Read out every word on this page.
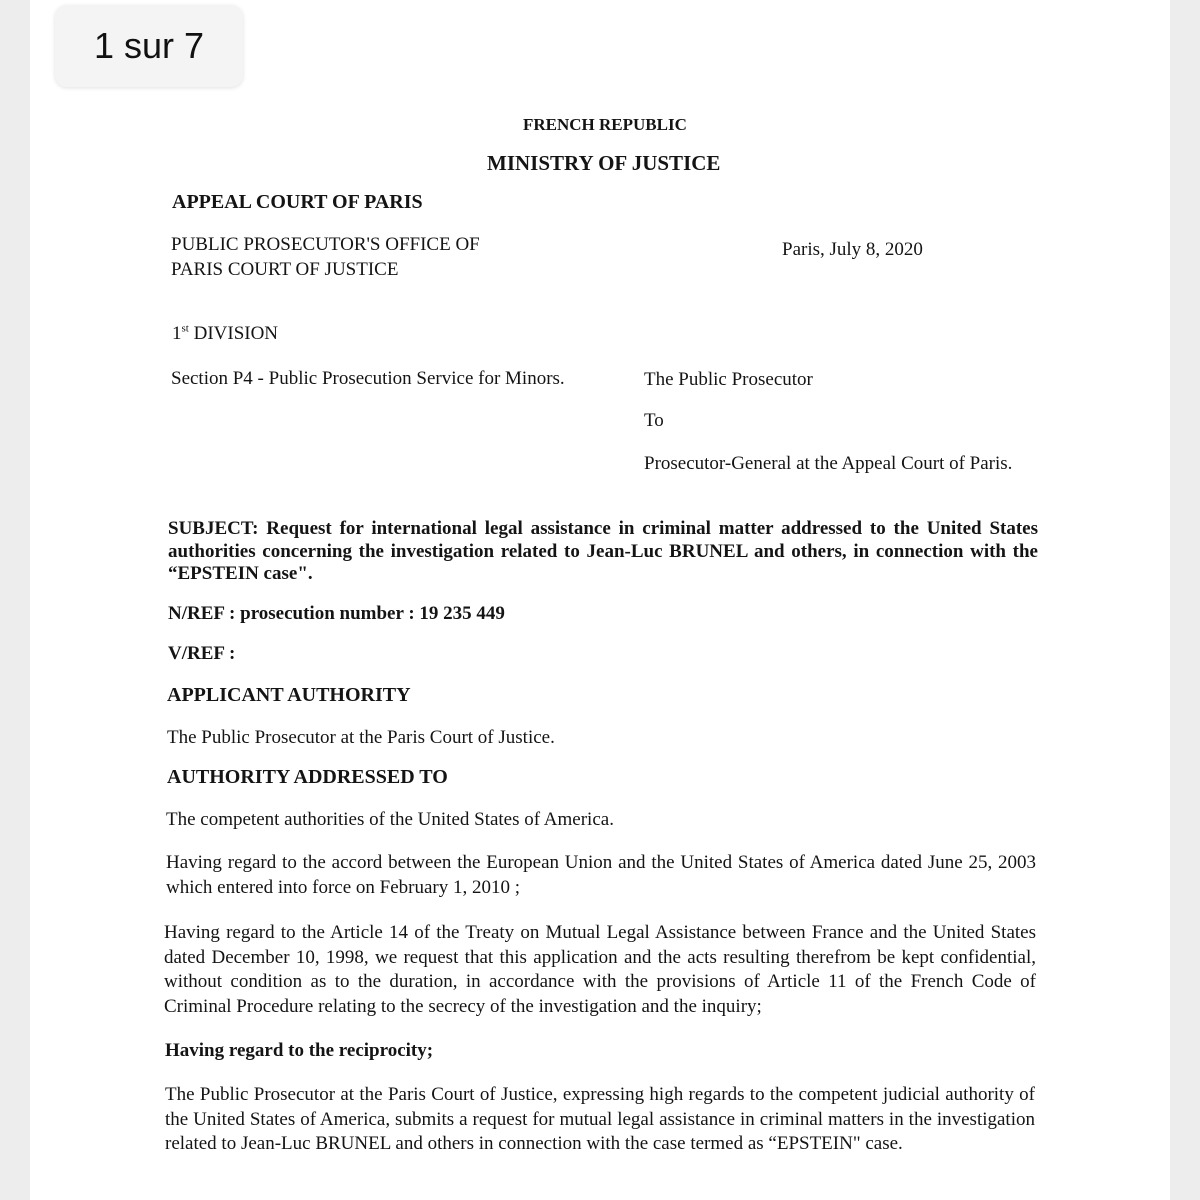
FRENCH REPUBLIC
MINISTRY OF JUSTICE
APPEAL COURT OF PARIS
PUBLIC PROSECUTOR'S OFFICE OF
PARIS COURT OF JUSTICE
Paris, July 8, 2020
1st DIVISION
Section P4 - Public Prosecution Service for Minors.	The Public Prosecutor
To
Prosecutor-General at the Appeal Court of Paris.
SUBJECT: Request for international legal assistance in criminal matter addressed to the United States authorities concerning the investigation related to Jean-Luc BRUNEL and others, in connection with the “EPSTEIN case".
N/REF : prosecution number : 19 235 449
V/REF :
APPLICANT AUTHORITY
The Public Prosecutor at the Paris Court of Justice.
AUTHORITY ADDRESSED TO
The competent authorities of the United States of America.
Having regard to the accord between the European Union and the United States of America dated June 25, 2003 which entered into force on February 1, 2010 ;
Having regard to the Article 14 of the Treaty on Mutual Legal Assistance between France and the United States dated December 10, 1998, we request that this application and the acts resulting therefrom be kept confidential, without condition as to the duration, in accordance with the provisions of Article 11 of the French Code of Criminal Procedure relating to the secrecy of the investigation and the inquiry;
Having regard to the reciprocity;
The Public Prosecutor at the Paris Court of Justice, expressing high regards to the competent judicial authority of the United States of America, submits a request for mutual legal assistance in criminal matters in the investigation related to Jean-Luc BRUNEL and others in connection with the case termed as “EPSTEIN" case.
1 sur 7
